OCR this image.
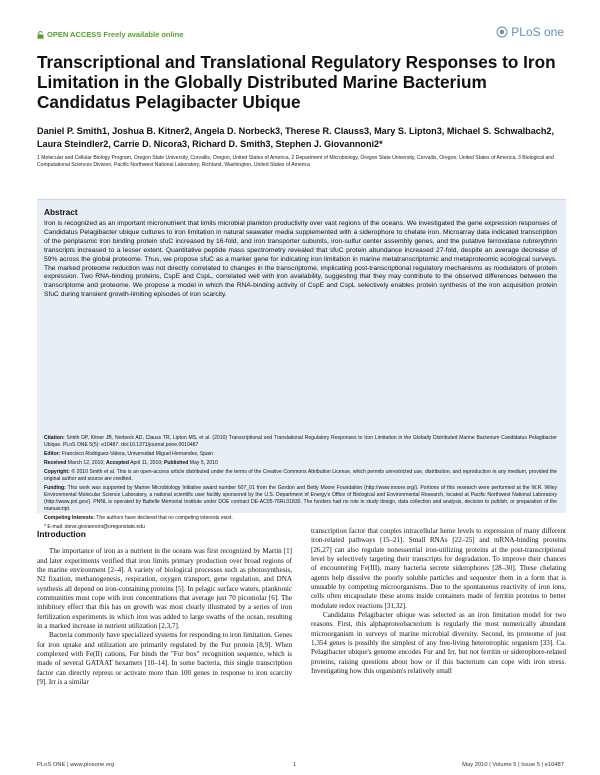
OPEN ACCESS Freely available online	PLoS one
Transcriptional and Translational Regulatory Responses to Iron Limitation in the Globally Distributed Marine Bacterium Candidatus Pelagibacter Ubique
Daniel P. Smith1, Joshua B. Kitner2, Angela D. Norbeck3, Therese R. Clauss3, Mary S. Lipton3, Michael S. Schwalbach2, Laura Steindler2, Carrie D. Nicora3, Richard D. Smith3, Stephen J. Giovannoni2*
1 Molecular and Cellular Biology Program, Oregon State University, Corvallis, Oregon, United States of America, 2 Department of Microbiology, Oregon State University, Corvallis, Oregon, United States of America, 3 Biological and Computational Sciences Division, Pacific Northwest National Laboratory, Richland, Washington, United States of America
Abstract
Iron is recognized as an important micronutrient that limits microbial plankton productivity over vast regions of the oceans. We investigated the gene expression responses of Candidatus Pelagibacter ubique cultures to iron limitation in natural seawater media supplemented with a siderophore to chelate iron. Microarray data indicated transcription of the periplasmic iron binding protein sfuC increased by 16-fold, and iron transporter subunits, iron-sulfur center assembly genes, and the putative ferroxidase rubrerythrin transcripts increased to a lesser extent. Quantitative peptide mass spectrometry revealed that sfuC protein abundance increased 27-fold, despite an average decrease of 59% across the global proteome. Thus, we propose sfuC as a marker gene for indicating iron limitation in marine metatranscriptomic and metaproteomic ecological surveys. The marked proteome reduction was not directly correlated to changes in the transcriptome, implicating post-transcriptional regulatory mechanisms as modulators of protein expression. Two RNA-binding proteins, CspE and CspL, correlated well with iron availability, suggesting that they may contribute to the observed differences between the transcriptome and proteome. We propose a model in which the RNA-binding activity of CspE and CspL selectively enables protein synthesis of the iron acquisition protein SfuC during transient growth-limiting episodes of iron scarcity.

Citation: Smith DP, Kitner JB, Norbeck AD, Clauss TR, Lipton MS, et al. (2010) Transcriptional and Translational Regulatory Responses to Iron Limitation in the Globally Distributed Marine Bacterium Candidatus Pelagibacter Ubique. PLoS ONE 5(5): e10487. doi:10.1371/journal.pone.0010487

Editor: Francisco Rodriguez-Valera, Universidad Miguel Hernandez, Spain

Received March 12, 2010; Accepted April 11, 2010; Published May 5, 2010

Copyright: © 2010 Smith et al. This is an open-access article distributed under the terms of the Creative Commons Attribution License, which permits unrestricted use, distribution, and reproduction in any medium, provided the original author and source are credited.

Funding: This work was supported by Marine Microbiology Initiative award number 607_01 from the Gordon and Betty Moore Foundation (http://www.moore.org/). Portions of this research were performed at the W.R. Wiley Environmental Molecular Science Laboratory, a national scientific user facility sponsored by the U.S. Department of Energy's Office of Biological and Environmental Research, located at Pacific Northwest National Laboratory (http://www.pnl.gov/). PNNL is operated by Battelle Memorial Institute under DOE contract DE-AC05-76RL01830. The funders had no role in study design, data collection and analysis, decision to publish, or preparation of the manuscript.

Competing Interests: The authors have declared that no competing interests exist.

* E-mail: steve.giovannoni@oregonstate.edu

Introduction

The importance of iron as a nutrient in the oceans was first recognized by Martin [1] and later experiments verified that iron limits primary production over broad regions of the marine environment [2–4]. A variety of biological processes such as photosynthesis, N2 fixation, methanogenesis, respiration, oxygen transport, gene regulation, and DNA synthesis all depend on iron-containing proteins [5]. In pelagic surface waters, planktonic communities must cope with iron concentrations that average just 70 picomolar [6]. The inhibitory effect that this has on growth was most clearly illustrated by a series of iron fertilization experiments in which iron was added to large swaths of the ocean, resulting in a marked increase in nutrient utilization [2,3,7].

Bacteria commonly have specialized systems for responding to iron limitation. Genes for iron uptake and utilization are primarily regulated by the Fur protein [8,9]. When complexed with Fe(II) cations, Fur binds the "Fur box" recognition sequence, which is made of several GATAAT hexamers [10–14]. In some bacteria, this single transcription factor can directly repress or activate more than 100 genes in response to iron scarcity [9]. Irr is a similar

transcription factor that couples intracellular heme levels to expression of many different iron-related pathways [15–21]. Small RNAs [22–25] and mRNA-binding proteins [26,27] can also regulate nonessential iron-utilizing proteins at the post-transcriptional level by selectively targeting their transcripts for degradation. To improve their chances of encountering Fe(III), many bacteria secrete siderophores [28–30]. These chelating agents help dissolve the poorly soluble particles and sequester them in a form that is unusable by competing microorganisms. Due to the spontaneous reactivity of iron ions, cells often encapsulate these atoms inside containers made of ferritin proteins to better modulate redox reactions [31,32].

Candidatus Pelagibacter ubique was selected as an iron limitation model for two reasons. First, this alphaproteobacterium is regularly the most numerically abundant microorganism in surveys of marine microbial diversity. Second, its proteome of just 1,354 genes is possibly the simplest of any free-living heterotrophic organism [33]. Ca. Pelagibacter ubique's genome encodes Fur and Irr, but not ferritin or siderophore-related proteins, raising questions about how or if this bacterium can cope with iron stress. Investigating how this organism's relatively small

PLoS ONE | www.plosone.org	1	May 2010 | Volume 5 | Issue 5 | e10487
